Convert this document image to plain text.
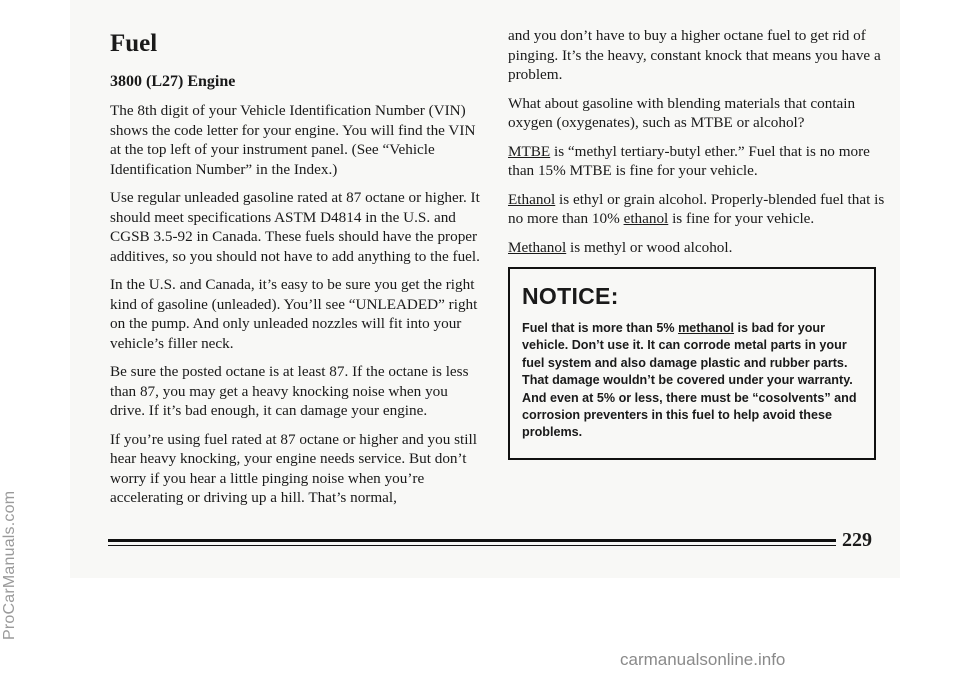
ProCarManuals.com
Fuel
3800 (L27) Engine

The 8th digit of your Vehicle Identification Number (VIN) shows the code letter for your engine. You will find the VIN at the top left of your instrument panel. (See “Vehicle Identification Number” in the Index.)

Use regular unleaded gasoline rated at 87 octane or higher. It should meet specifications ASTM D4814 in the U.S. and CGSB 3.5-92 in Canada. These fuels should have the proper additives, so you should not have to add anything to the fuel.

In the U.S. and Canada, it’s easy to be sure you get the right kind of gasoline (unleaded). You’ll see “UNLEADED” right on the pump. And only unleaded nozzles will fit into your vehicle’s filler neck.

Be sure the posted octane is at least 87. If the octane is less than 87, you may get a heavy knocking noise when you drive. If it’s bad enough, it can damage your engine.

If you’re using fuel rated at 87 octane or higher and you still hear heavy knocking, your engine needs service. But don’t worry if you hear a little pinging noise when you’re accelerating or driving up a hill. That’s normal,

and you don’t have to buy a higher octane fuel to get rid of pinging. It’s the heavy, constant knock that means you have a problem.

What about gasoline with blending materials that contain oxygen (oxygenates), such as MTBE or alcohol?

MTBE is “methyl tertiary-butyl ether.” Fuel that is no more than 15% MTBE is fine for your vehicle.

Ethanol is ethyl or grain alcohol. Properly-blended fuel that is no more than 10% ethanol is fine for your vehicle.

Methanol is methyl or wood alcohol.

NOTICE:

Fuel that is more than 5% methanol is bad for your vehicle. Don’t use it. It can corrode metal parts in your fuel system and also damage plastic and rubber parts. That damage wouldn’t be covered under your warranty. And even at 5% or less, there must be “cosolvents” and corrosion preventers in this fuel to help avoid these problems.

229
carmanualsonline.info
